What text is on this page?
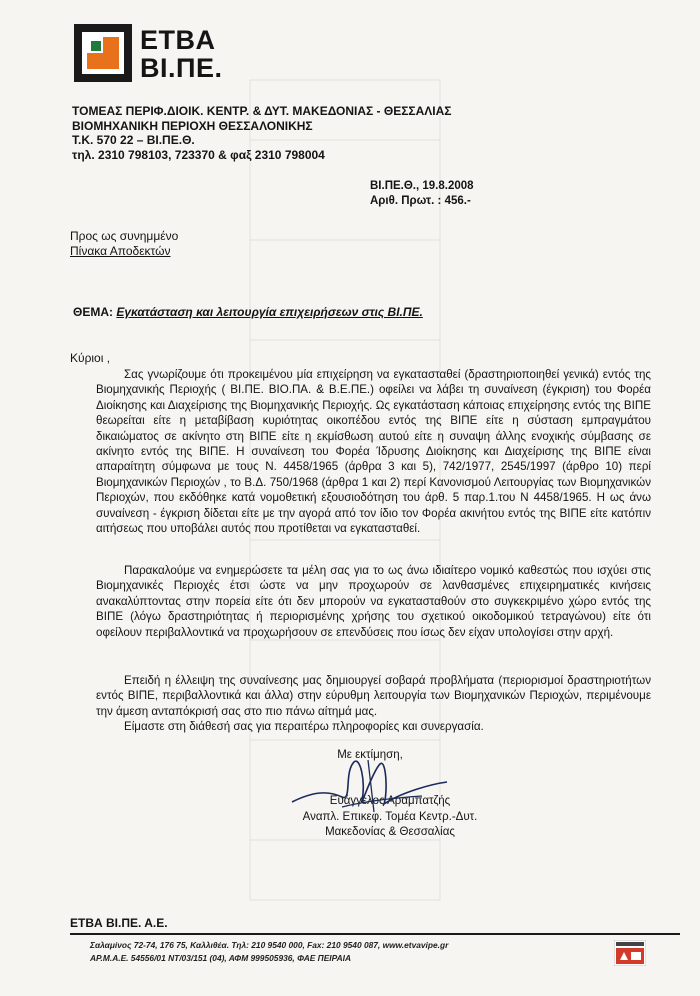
ΕΤΒΑ
ΒΙ.ΠΕ.
ΤΟΜΕΑΣ ΠΕΡΙΦ.ΔΙΟΙΚ. ΚΕΝΤΡ. & ΔΥΤ. ΜΑΚΕΔΟΝΙΑΣ - ΘΕΣΣΑΛΙΑΣ
ΒΙΟΜΗΧΑΝΙΚΗ ΠΕΡΙΟΧΗ ΘΕΣΣΑΛΟΝΙΚΗΣ
Τ.Κ. 570 22 – ΒΙ.ΠΕ.Θ.
τηλ. 2310 798103, 723370 & φαξ 2310 798004
ΒΙ.ΠΕ.Θ., 19.8.2008
Αριθ. Πρωτ. : 456.-
Προς ως συνημμένο
Πίνακα Αποδεκτών
ΘΕΜΑ: Εγκατάσταση και λειτουργία επιχειρήσεων στις ΒΙ.ΠΕ.
Κύριοι ,
Σας γνωρίζουμε ότι προκειμένου μία επιχείρηση να εγκατασταθεί (δραστηριοποιηθεί γενικά) εντός της Βιομηχανικής Περιοχής ( ΒΙ.ΠΕ. ΒΙΟ.ΠΑ. & Β.Ε.ΠΕ.) οφείλει να λάβει τη συναίνεση (έγκριση) του Φορέα Διοίκησης και Διαχείρισης της Βιομηχανικής Περιοχής. Ως εγκατάσταση κάποιας επιχείρησης εντός της ΒΙΠΕ θεωρείται είτε η μεταβίβαση κυριότητας οικοπέδου εντός της ΒΙΠΕ είτε η σύσταση εμπραγμάτου δικαιώματος σε ακίνητο στη ΒΙΠΕ είτε η εκμίσθωση αυτού είτε η συναψη άλλης ενοχικής σύμβασης σε ακίνητο εντός της ΒΙΠΕ. Η συναίνεση του Φορέα Ίδρυσης Διοίκησης και Διαχείρισης της ΒΙΠΕ είναι απαραίτητη σύμφωνα με τους Ν. 4458/1965 (άρθρα 3 και 5), 742/1977, 2545/1997 (άρθρο 10) περί Βιομηχανικών Περιοχών , το Β.Δ. 750/1968 (άρθρα 1 και 2) περί Κανονισμού Λειτουργίας των Βιομηχανικών Περιοχών, που εκδόθηκε κατά νομοθετική εξουσιοδότηση του άρθ. 5 παρ.1.του Ν 4458/1965. Η ως άνω συναίνεση - έγκριση δίδεται είτε με την αγορά από τον ίδιο τον Φορέα ακινήτου εντός της ΒΙΠΕ είτε κατόπιν αιτήσεως που υποβάλει αυτός που προτίθεται να εγκατασταθεί.
Παρακαλούμε να ενημερώσετε τα μέλη σας για το ως άνω ιδιαίτερο νομικό καθεστώς που ισχύει στις Βιομηχανικές Περιοχές έτσι ώστε να μην προχωρούν σε λανθασμένες επιχειρηματικές κινήσεις ανακαλύπτοντας στην πορεία είτε ότι δεν μπορούν να εγκατασταθούν στο συγκεκριμένο χώρο εντός της ΒΙΠΕ (λόγω δραστηριότητας ή περιορισμένης χρήσης του σχετικού οικοδομικού τετραγώνου) είτε ότι οφείλουν περιβαλλοντικά να προχωρήσουν σε επενδύσεις που ίσως δεν είχαν υπολογίσει στην αρχή.
Επειδή η έλλειψη της συναίνεσης μας δημιουργεί σοβαρά προβλήματα (περιορισμοί δραστηριοτήτων εντός ΒΙΠΕ, περιβαλλοντικά και άλλα) στην εύρυθμη λειτουργία των Βιομηχανικών Περιοχών, περιμένουμε την άμεση ανταπόκρισή σας στο πιο πάνω αίτημά μας.
Είμαστε στη διάθεσή σας για περαιτέρω πληροφορίες και συνεργασία.
Με εκτίμηση,
Ευάγγελος Αραμπατζής
Αναπλ. Επικεφ. Τομέα Κεντρ.-Δυτ.
Μακεδονίας & Θεσσαλίας
ΕΤΒΑ ΒΙ.ΠΕ. Α.Ε.
Σαλαμίνος 72-74, 176 75, Καλλιθέα. Τηλ: 210 9540 000, Fax: 210 9540 087, www.etvavipe.gr
ΑΡ.Μ.Α.Ε. 54556/01 ΝΤ/03/151 (04), ΑΦΜ 999505936, ΦΑΕ ΠΕΙΡΑΙΑ
